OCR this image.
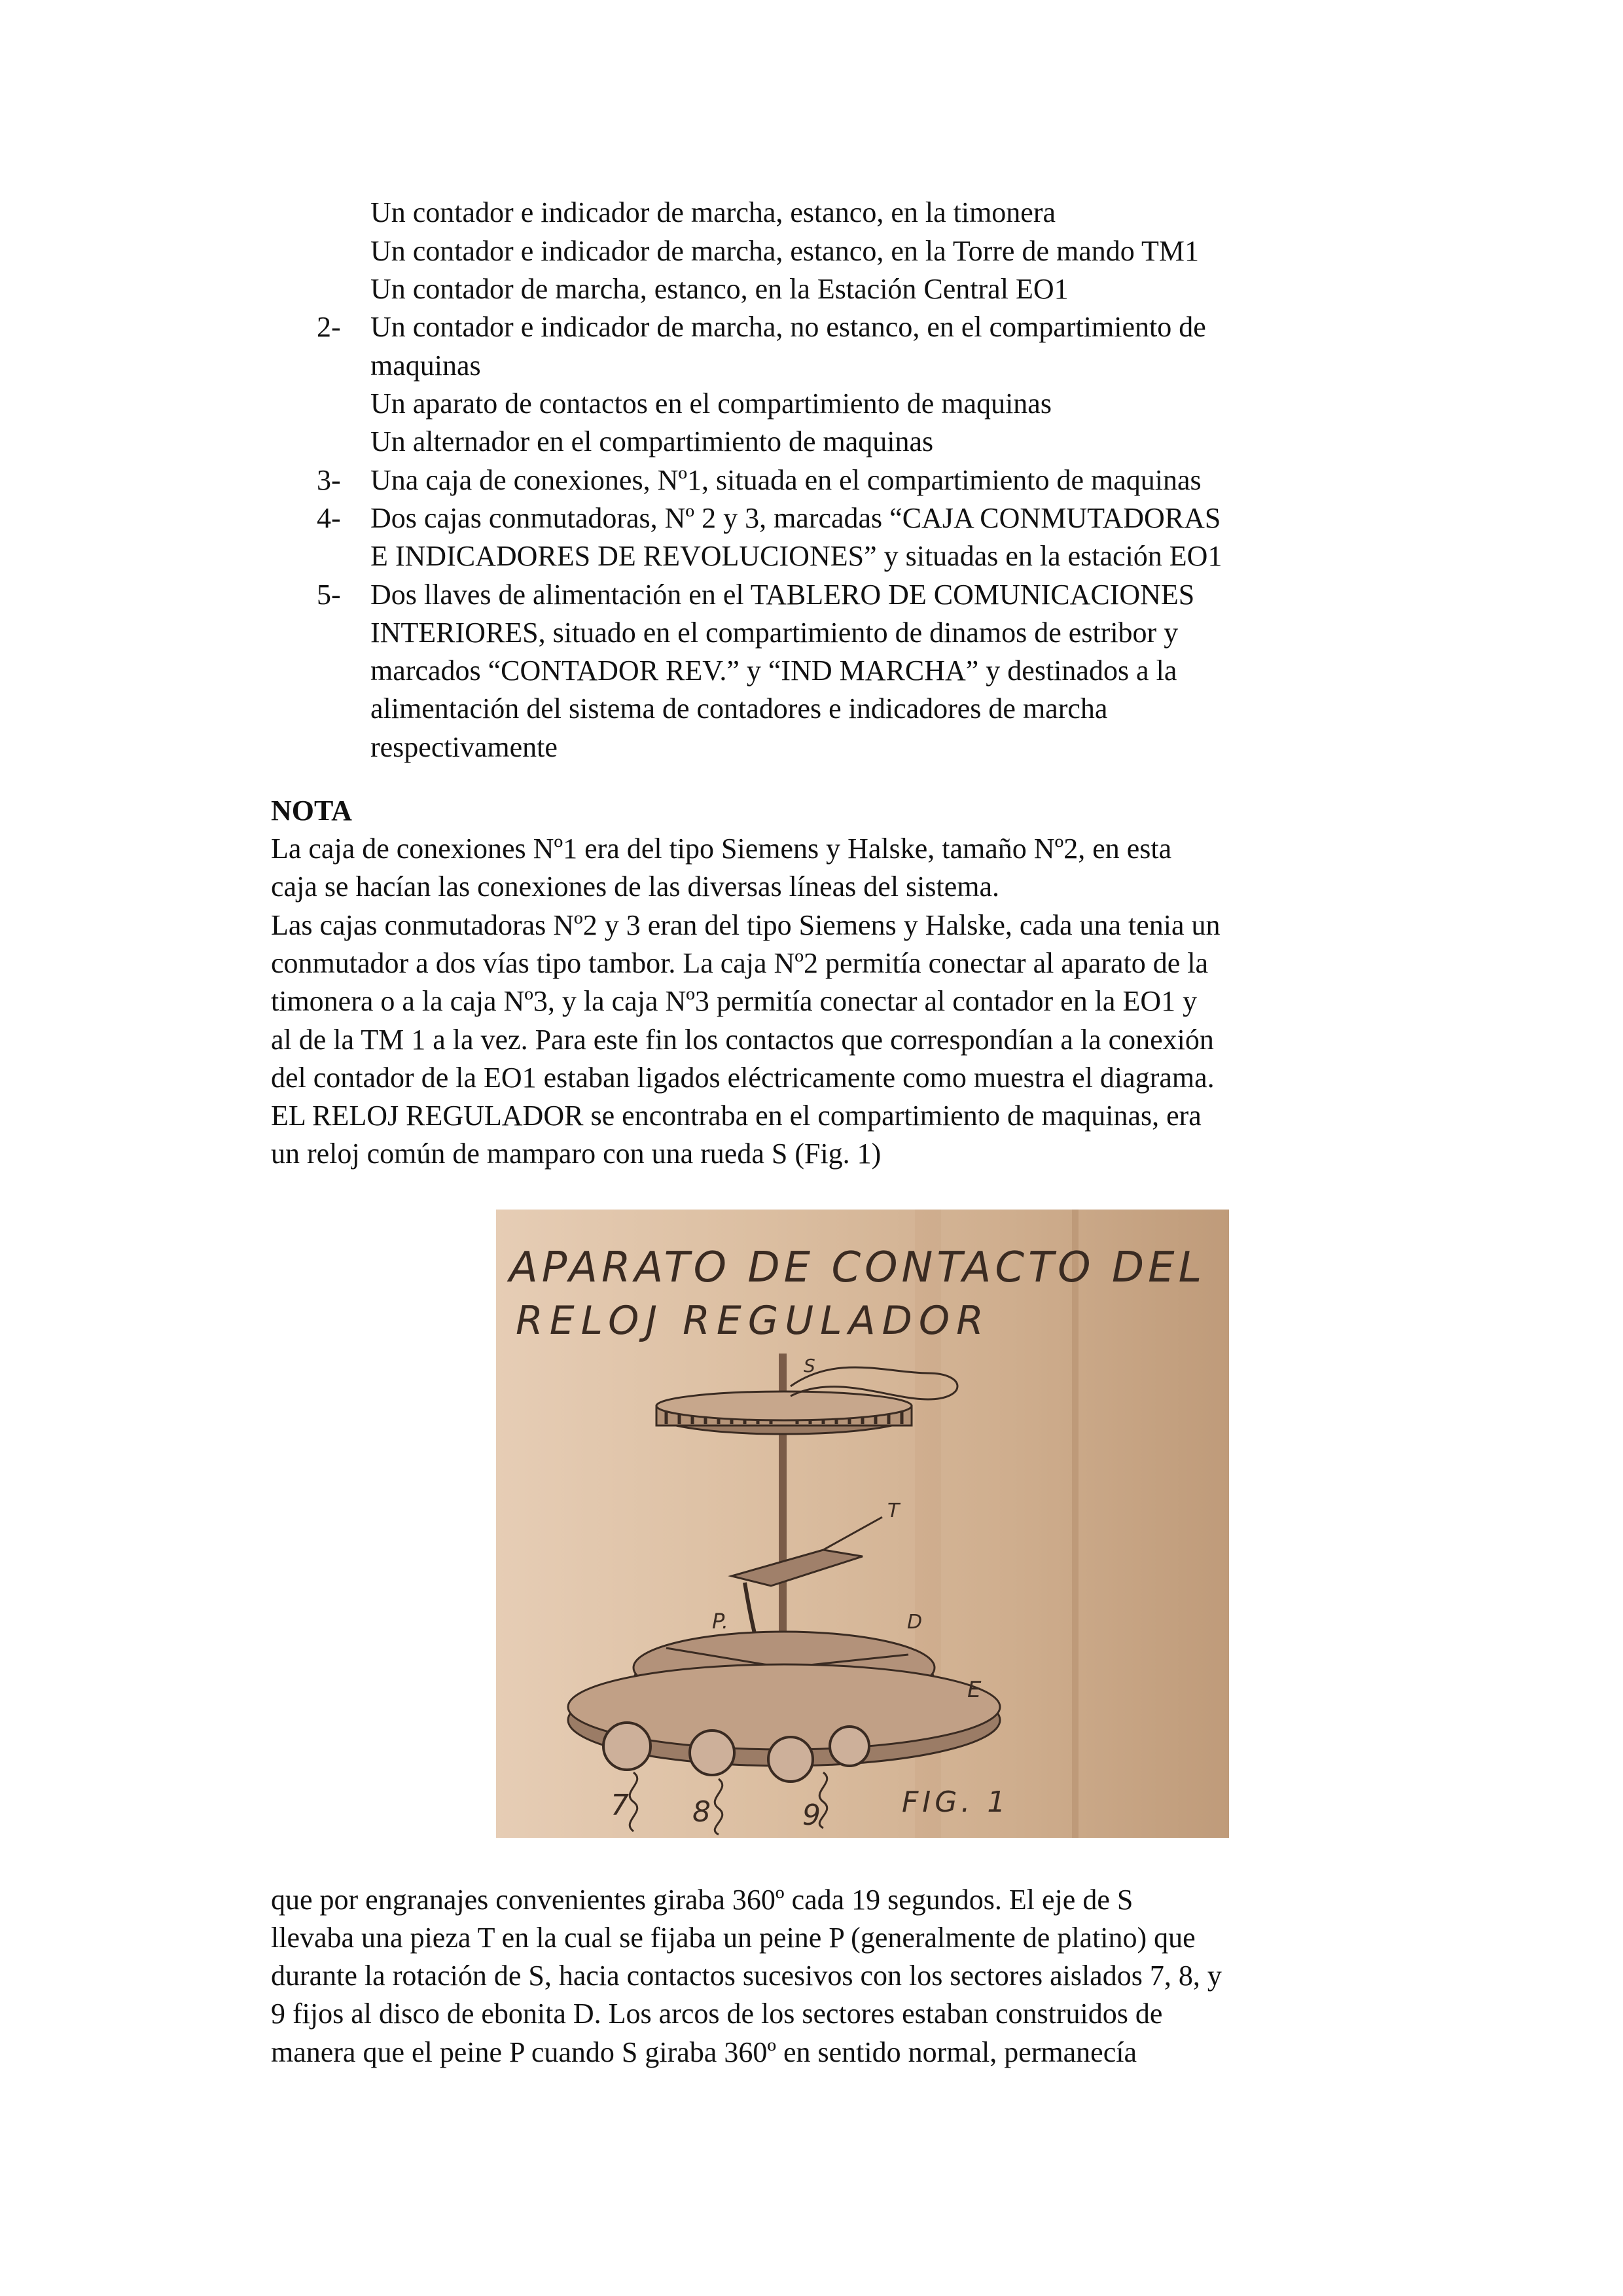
Un contador e indicador de marcha, estanco, en la timonera
Un contador e indicador de marcha, estanco, en la Torre de mando TM1
Un contador de marcha, estanco, en la Estación Central EO1
2- Un contador e indicador de marcha, no estanco, en el compartimiento de
maquinas
Un aparato de contactos en el compartimiento de maquinas
Un alternador en el compartimiento de maquinas
3- Una caja de conexiones, Nº1, situada en el compartimiento de maquinas
4- Dos cajas conmutadoras, Nº 2 y 3, marcadas “CAJA CONMUTADORAS
E INDICADORES DE REVOLUCIONES” y situadas en la estación EO1
5- Dos llaves de alimentación en el TABLERO DE COMUNICACIONES
INTERIORES, situado en el compartimiento de dinamos de estribor y
marcados “CONTADOR REV.” y “IND MARCHA” y destinados a la
alimentación del sistema de contadores e indicadores de marcha
respectivamente
NOTA
La caja de conexiones Nº1 era del tipo Siemens y Halske, tamaño Nº2, en esta
caja se hacían las conexiones de las diversas líneas del sistema.
Las cajas conmutadoras Nº2 y 3 eran del tipo Siemens y Halske, cada una tenia un
conmutador a dos vías tipo tambor. La caja Nº2 permitía conectar al aparato de la
timonera o a la caja Nº3, y la caja Nº3 permitía conectar al contador en la EO1 y
al de la TM 1 a la vez. Para este fin los contactos que correspondían a la conexión
del contador de la EO1 estaban ligados eléctricamente como muestra el diagrama.
EL RELOJ REGULADOR se encontraba en el compartimiento de maquinas, era
un reloj común de mamparo con una rueda S (Fig. 1)
APARATO DE CONTACTO DEL
RELOJ REGULADOR
S
T
P.	D
E
7 8	9	FIG. 1
que por engranajes convenientes giraba 360º cada 19 segundos. El eje de S
llevaba una pieza T en la cual se fijaba un peine P (generalmente de platino) que
durante la rotación de S, hacia contactos sucesivos con los sectores aislados 7, 8, y
9 fijos al disco de ebonita D. Los arcos de los sectores estaban construidos de
manera que el peine P cuando S giraba 360º en sentido normal, permanecía
